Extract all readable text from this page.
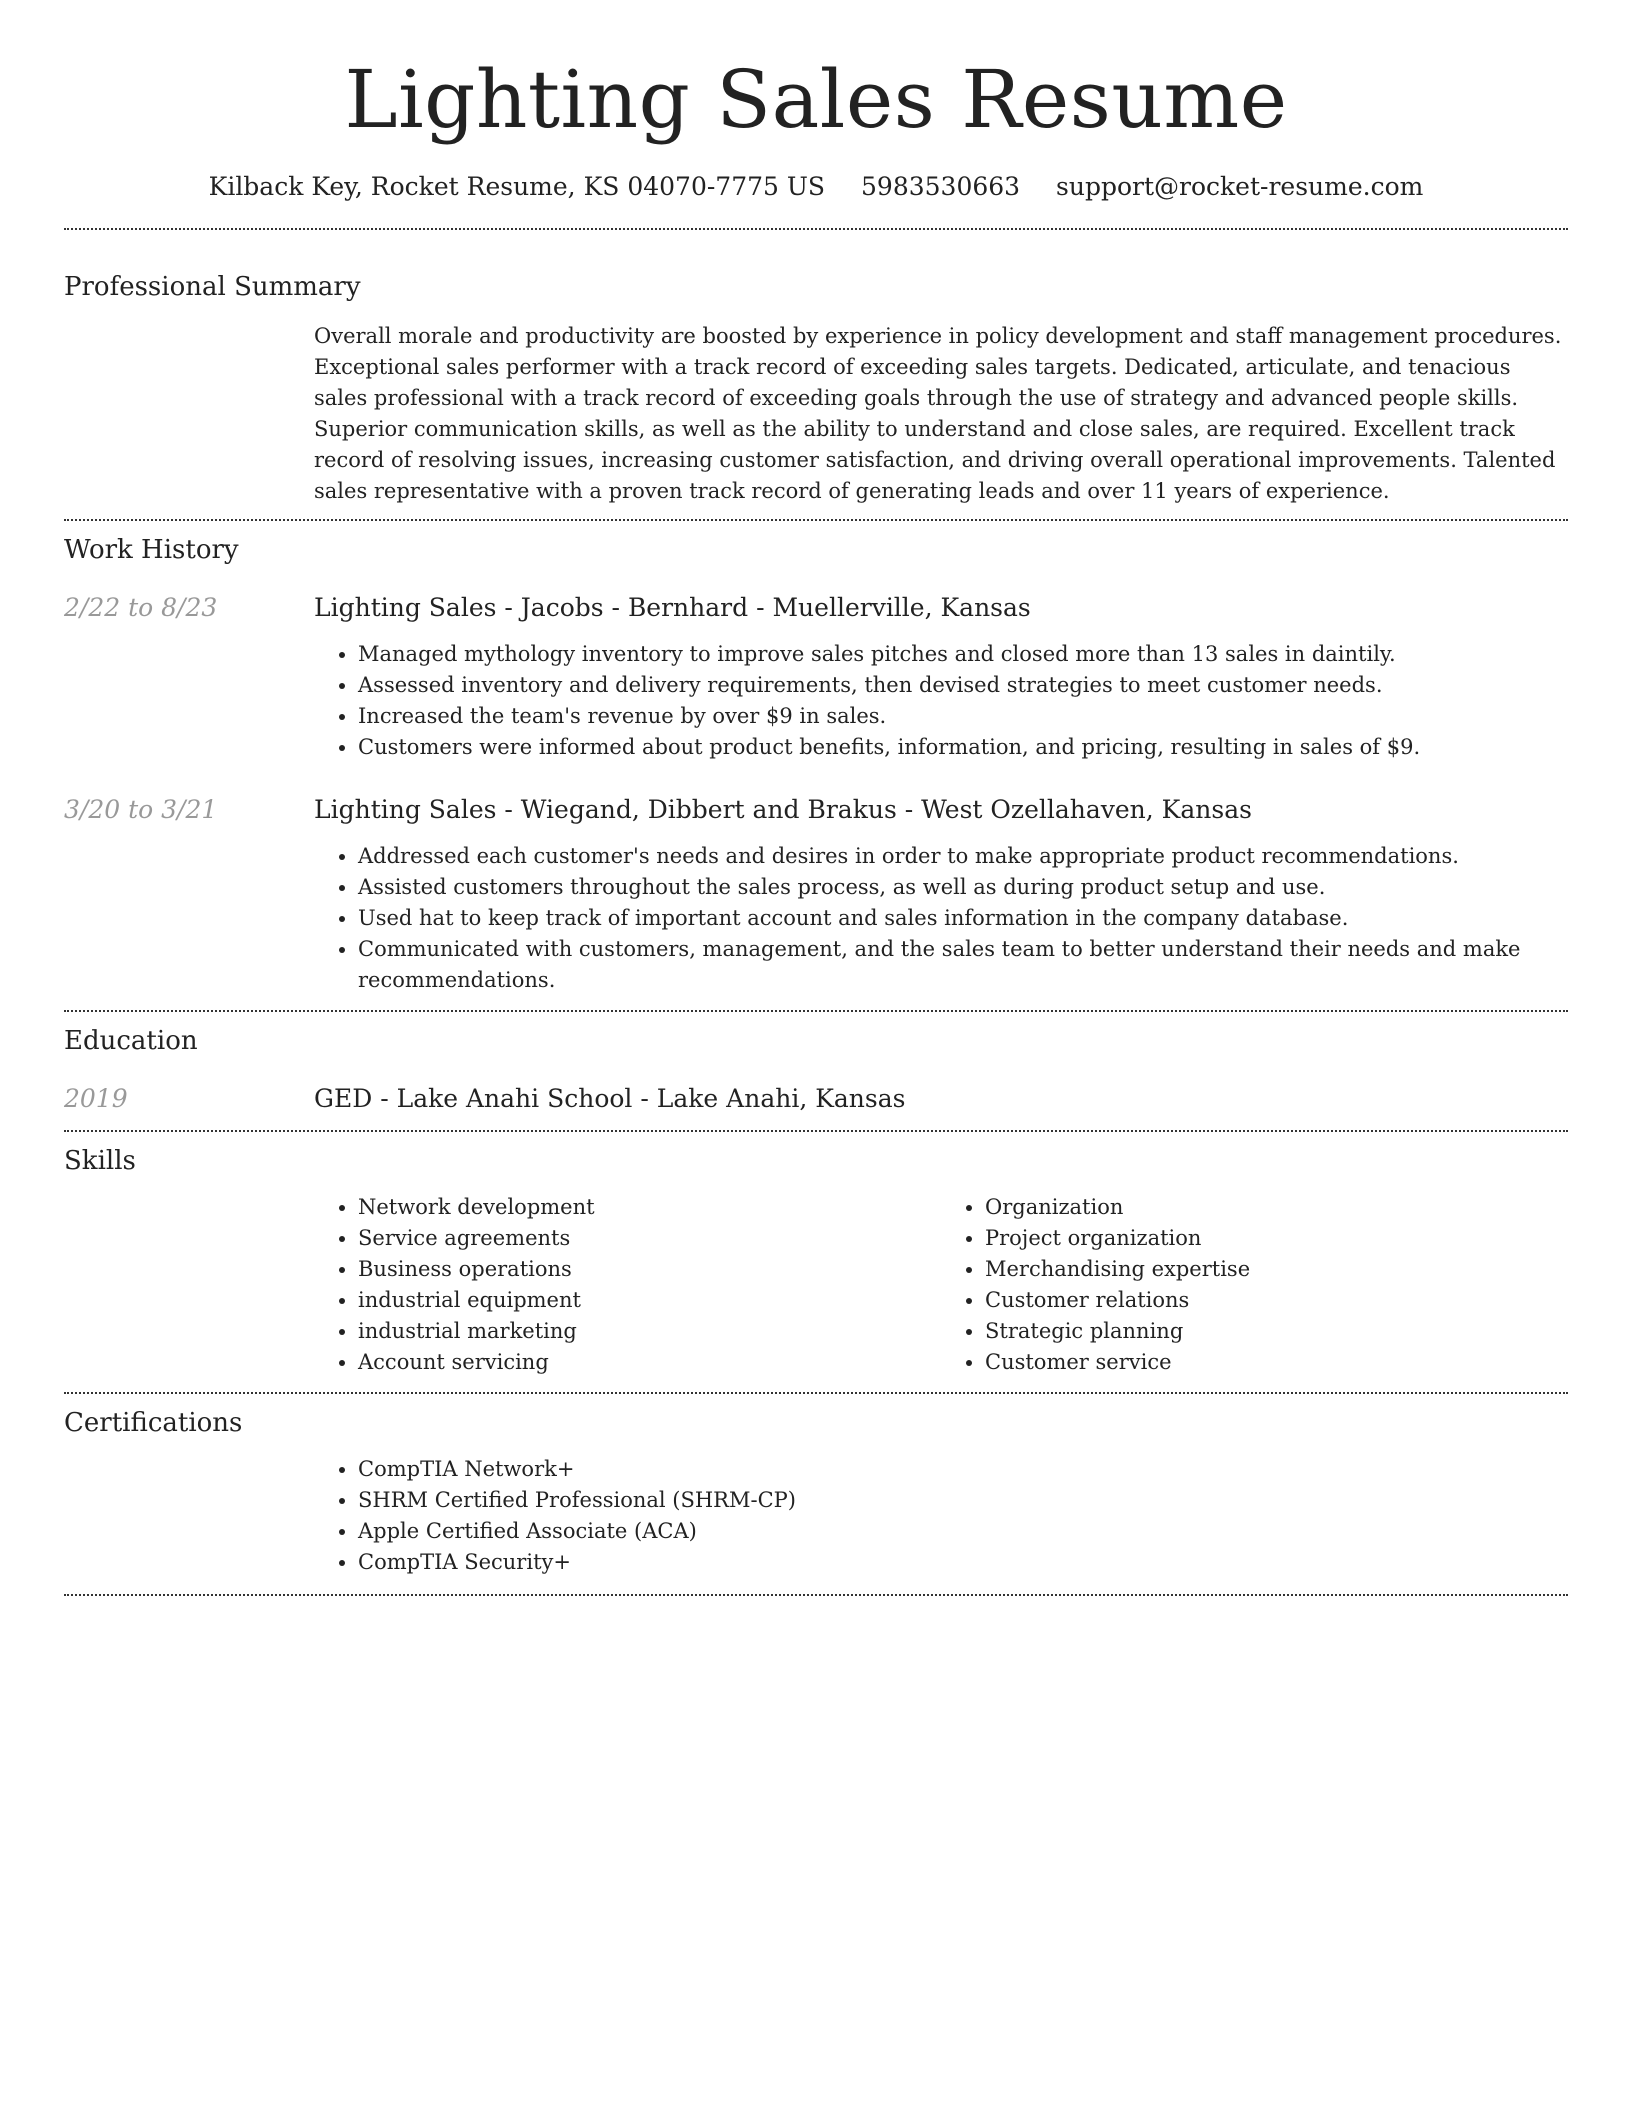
Lighting Sales Resume
Kilback Key, Rocket Resume, KS 04070-7775 US 5983530663 support@rocket-resume.com
Professional Summary
Overall morale and productivity are boosted by experience in policy development and staff management procedures. Exceptional sales performer with a track record of exceeding sales targets. Dedicated, articulate, and tenacious sales professional with a track record of exceeding goals through the use of strategy and advanced people skills. Superior communication skills, as well as the ability to understand and close sales, are required. Excellent track record of resolving issues, increasing customer satisfaction, and driving overall operational improvements. Talented sales representative with a proven track record of generating leads and over 11 years of experience.
Work History
2/22 to 8/23	Lighting Sales - Jacobs - Bernhard - Muellerville, Kansas
• Managed mythology inventory to improve sales pitches and closed more than 13 sales in daintily.
• Assessed inventory and delivery requirements, then devised strategies to meet customer needs.
• Increased the team's revenue by over $9 in sales.
• Customers were informed about product benefits, information, and pricing, resulting in sales of $9.
3/20 to 3/21	Lighting Sales - Wiegand, Dibbert and Brakus - West Ozellahaven, Kansas
• Addressed each customer's needs and desires in order to make appropriate product recommendations.
• Assisted customers throughout the sales process, as well as during product setup and use.
• Used hat to keep track of important account and sales information in the company database.
• Communicated with customers, management, and the sales team to better understand their needs and make recommendations.
Education
2019	GED - Lake Anahi School - Lake Anahi, Kansas
Skills
• Network development
• Service agreements
• Business operations
• industrial equipment
• industrial marketing
• Account servicing
• Organization
• Project organization
• Merchandising expertise
• Customer relations
• Strategic planning
• Customer service
Certifications
• CompTIA Network+
• SHRM Certified Professional (SHRM-CP)
• Apple Certified Associate (ACA)
• CompTIA Security+
